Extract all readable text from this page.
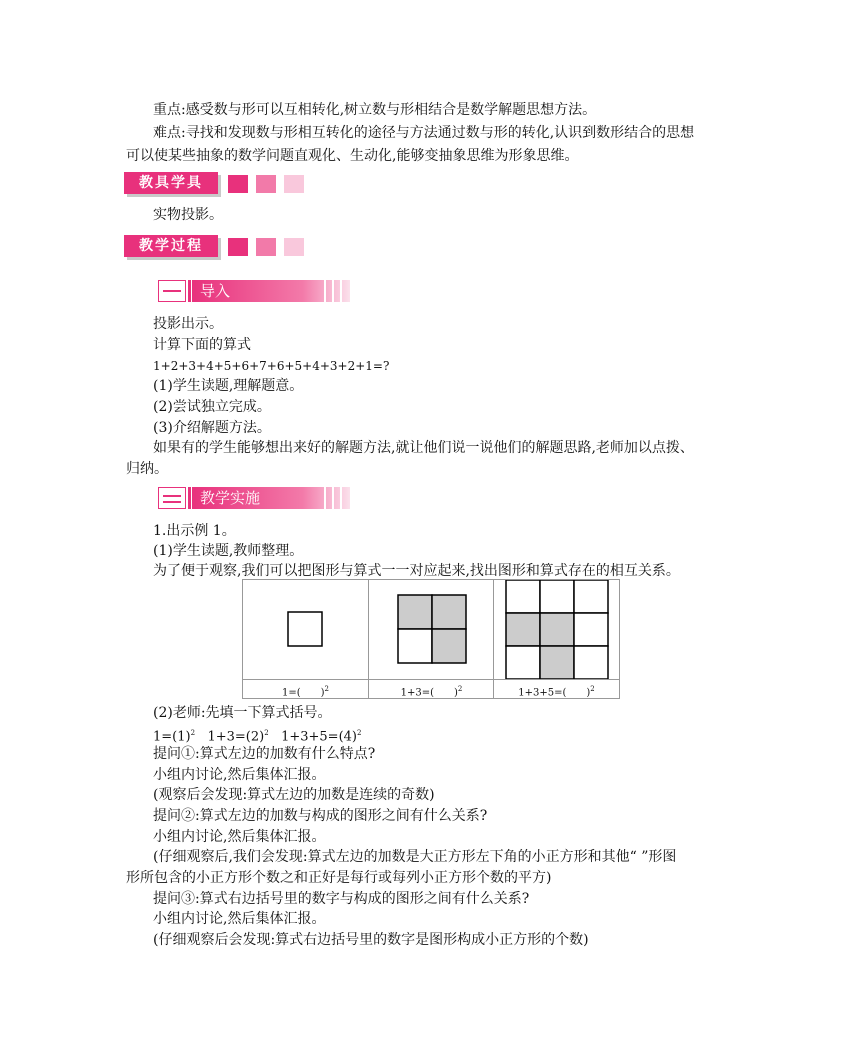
重点:感受数与形可以互相转化,树立数与形相结合是数学解题思想方法。
难点:寻找和发现数与形相互转化的途径与方法通过数与形的转化,认识到数形结合的思想
可以使某些抽象的数学问题直观化、生动化,能够变抽象思维为形象思维。
教具学具
实物投影。
教学过程
导入
投影出示。
计算下面的算式
1+2+3+4+5+6+7+6+5+4+3+2+1=?
(1)学生读题,理解题意。
(2)尝试独立完成。
(3)介绍解题方法。
如果有的学生能够想出来好的解题方法,就让他们说一说他们的解题思路,老师加以点拨、
归纳。
教学实施
1.出示例 1。
(1)学生读题,教师整理。
为了便于观察,我们可以把图形与算式一一对应起来,找出图形和算式存在的相互关系。
1=(　　)$^2$	1+3=(　　)$^2$	1+3+5=(　　)$^2$
(2)老师:先填一下算式括号。
$1=(1)^2$ $1+3=(2)^2$ $1+3+5=(4)^2$
提问①:算式左边的加数有什么特点?
小组内讨论,然后集体汇报。
(观察后会发现:算式左边的加数是连续的奇数)
提问②:算式左边的加数与构成的图形之间有什么关系?
小组内讨论,然后集体汇报。
(仔细观察后,我们会发现:算式左边的加数是大正方形左下角的小正方形和其他“ ”形图
形所包含的小正方形个数之和正好是每行或每列小正方形个数的平方)
提问③:算式右边括号里的数字与构成的图形之间有什么关系?
小组内讨论,然后集体汇报。
(仔细观察后会发现:算式右边括号里的数字是图形构成小正方形的个数)
